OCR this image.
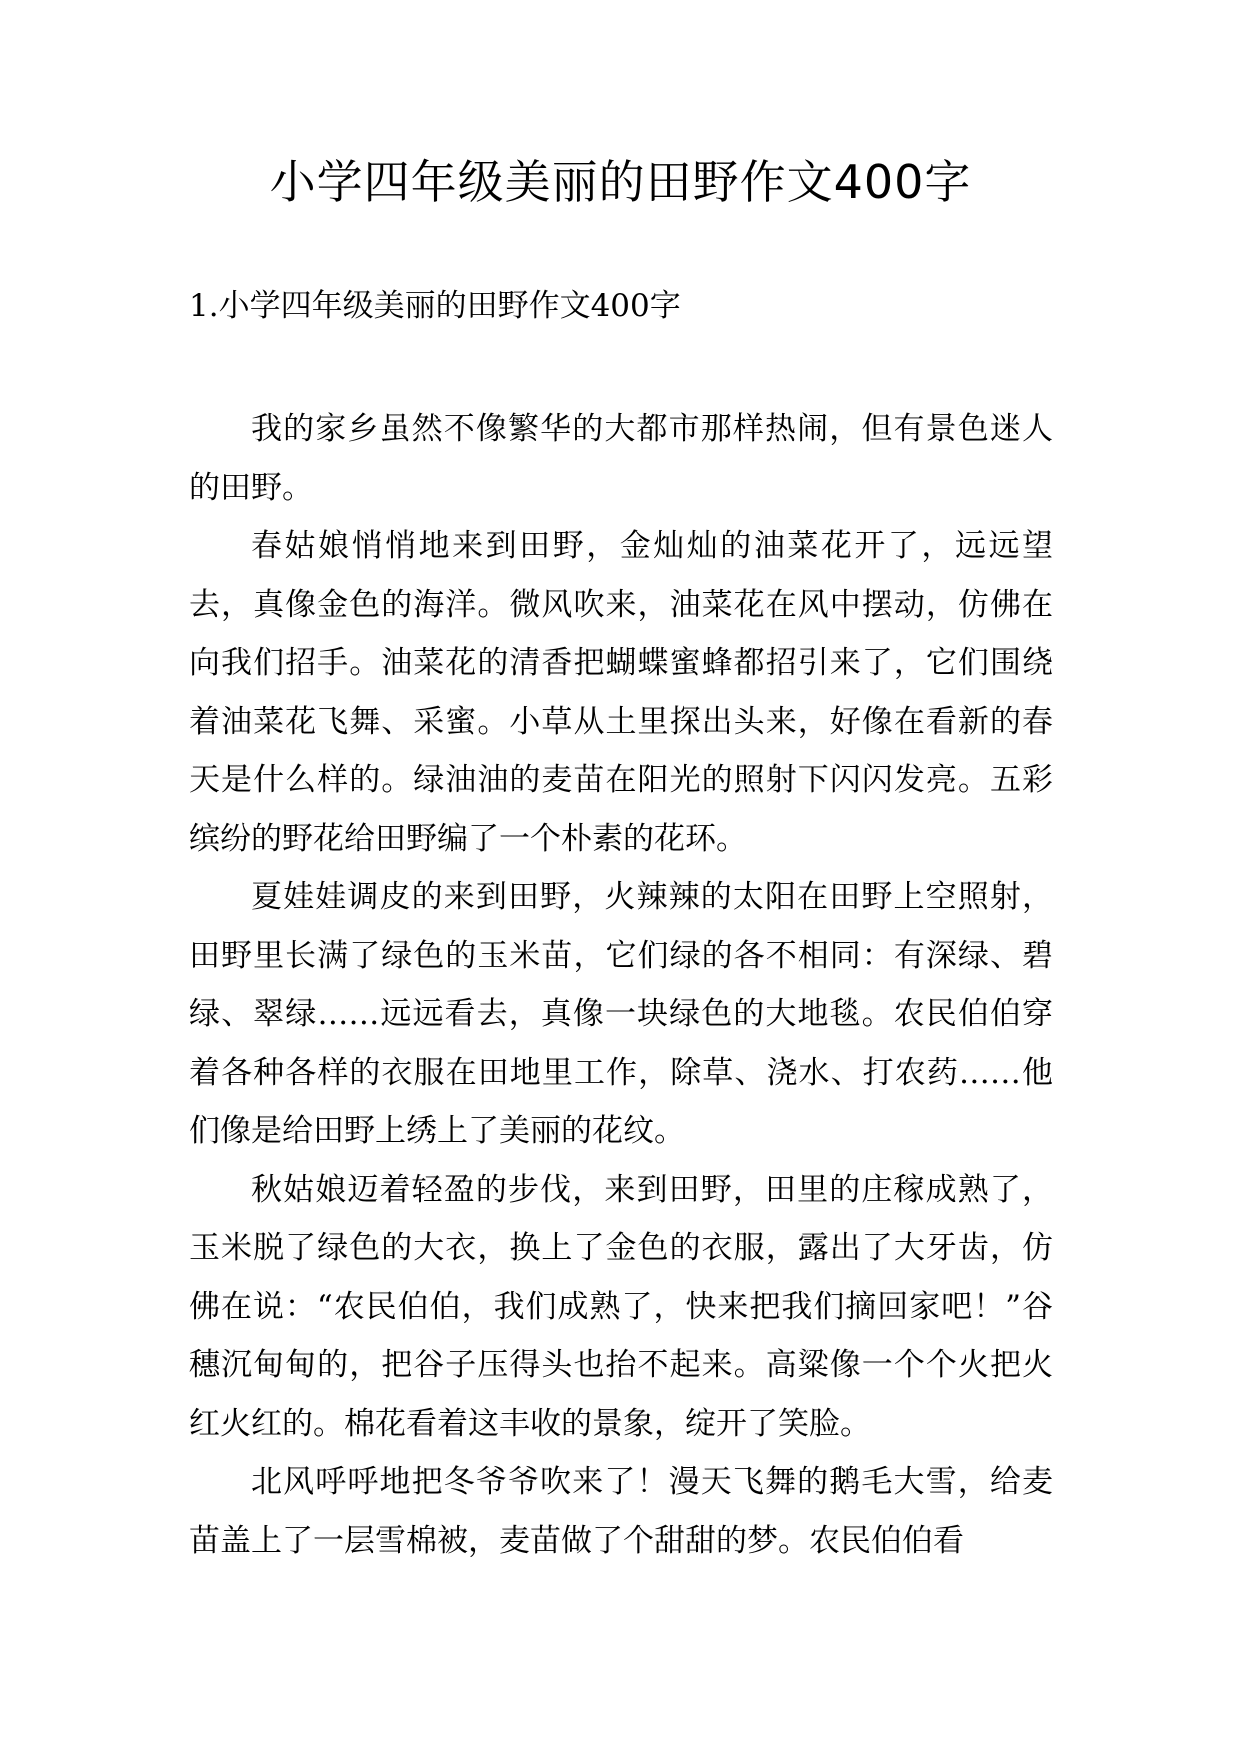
小学四年级美丽的田野作文400字
1.小学四年级美丽的田野作文400字

我的家乡虽然不像繁华的大都市那样热闹，但有景色迷人的田野。

春姑娘悄悄地来到田野，金灿灿的油菜花开了，远远望去，真像金色的海洋。微风吹来，油菜花在风中摆动，仿佛在向我们招手。油菜花的清香把蝴蝶蜜蜂都招引来了，它们围绕着油菜花飞舞、采蜜。小草从土里探出头来，好像在看新的春天是什么样的。绿油油的麦苗在阳光的照射下闪闪发亮。五彩缤纷的野花给田野编了一个朴素的花环。

夏娃娃调皮的来到田野，火辣辣的太阳在田野上空照射，田野里长满了绿色的玉米苗，它们绿的各不相同：有深绿、碧绿、翠绿……远远看去，真像一块绿色的大地毯。农民伯伯穿着各种各样的衣服在田地里工作，除草、浇水、打农药……他们像是给田野上绣上了美丽的花纹。

秋姑娘迈着轻盈的步伐，来到田野，田里的庄稼成熟了，玉米脱了绿色的大衣，换上了金色的衣服，露出了大牙齿，仿佛在说：“农民伯伯，我们成熟了，快来把我们摘回家吧！”谷穗沉甸甸的，把谷子压得头也抬不起来。高粱像一个个火把火红火红的。棉花看着这丰收的景象，绽开了笑脸。

北风呼呼地把冬爷爷吹来了！漫天飞舞的鹅毛大雪，给麦苗盖上了一层雪棉被，麦苗做了个甜甜的梦。农民伯伯看
